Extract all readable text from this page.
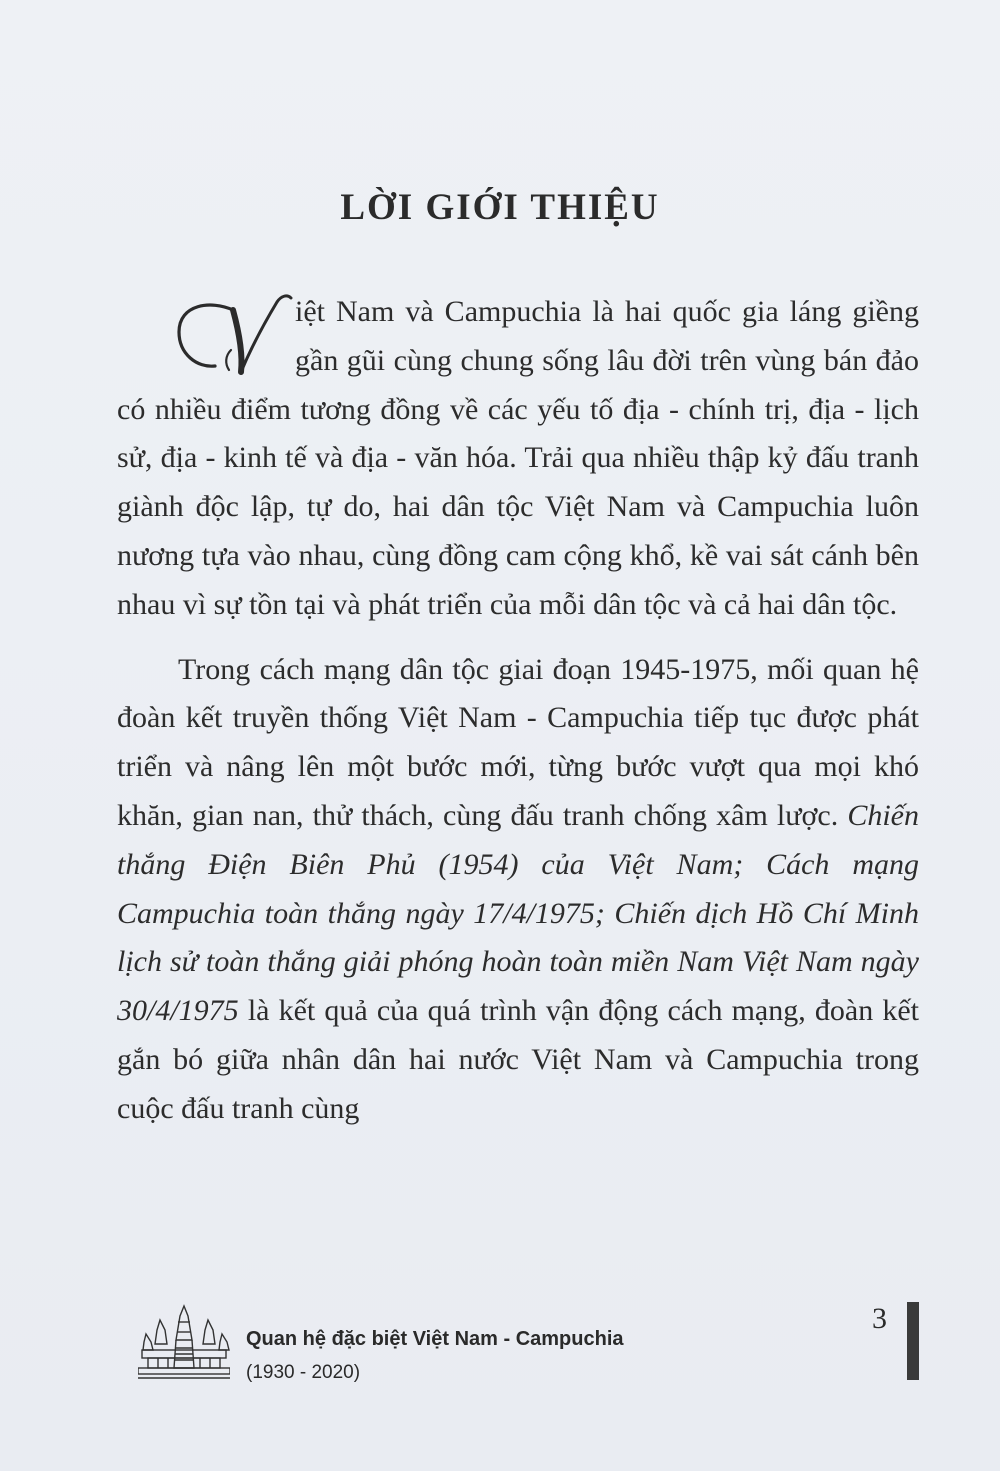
LỜI GIỚI THIỆU

iệt Nam và Campuchia là hai quốc gia láng giềng gần gũi cùng chung sống lâu đời trên vùng bán đảo có nhiều điểm tương đồng về các yếu tố địa - chính trị, địa - lịch sử, địa - kinh tế và địa - văn hóa. Trải qua nhiều thập kỷ đấu tranh giành độc lập, tự do, hai dân tộc Việt Nam và Campuchia luôn nương tựa vào nhau, cùng đồng cam cộng khổ, kề vai sát cánh bên nhau vì sự tồn tại và phát triển của mỗi dân tộc và cả hai dân tộc.

Trong cách mạng dân tộc giai đoạn 1945-1975, mối quan hệ đoàn kết truyền thống Việt Nam - Campuchia tiếp tục được phát triển và nâng lên một bước mới, từng bước vượt qua mọi khó khăn, gian nan, thử thách, cùng đấu tranh chống xâm lược. Chiến thắng Điện Biên Phủ (1954) của Việt Nam; Cách mạng Campuchia toàn thắng ngày 17/4/1975; Chiến dịch Hồ Chí Minh lịch sử toàn thắng giải phóng hoàn toàn miền Nam Việt Nam ngày 30/4/1975 là kết quả của quá trình vận động cách mạng, đoàn kết gắn bó giữa nhân dân hai nước Việt Nam và Campuchia trong cuộc đấu tranh cùng

Quan hệ đặc biệt Việt Nam - Campuchia
(1930 - 2020)
3
